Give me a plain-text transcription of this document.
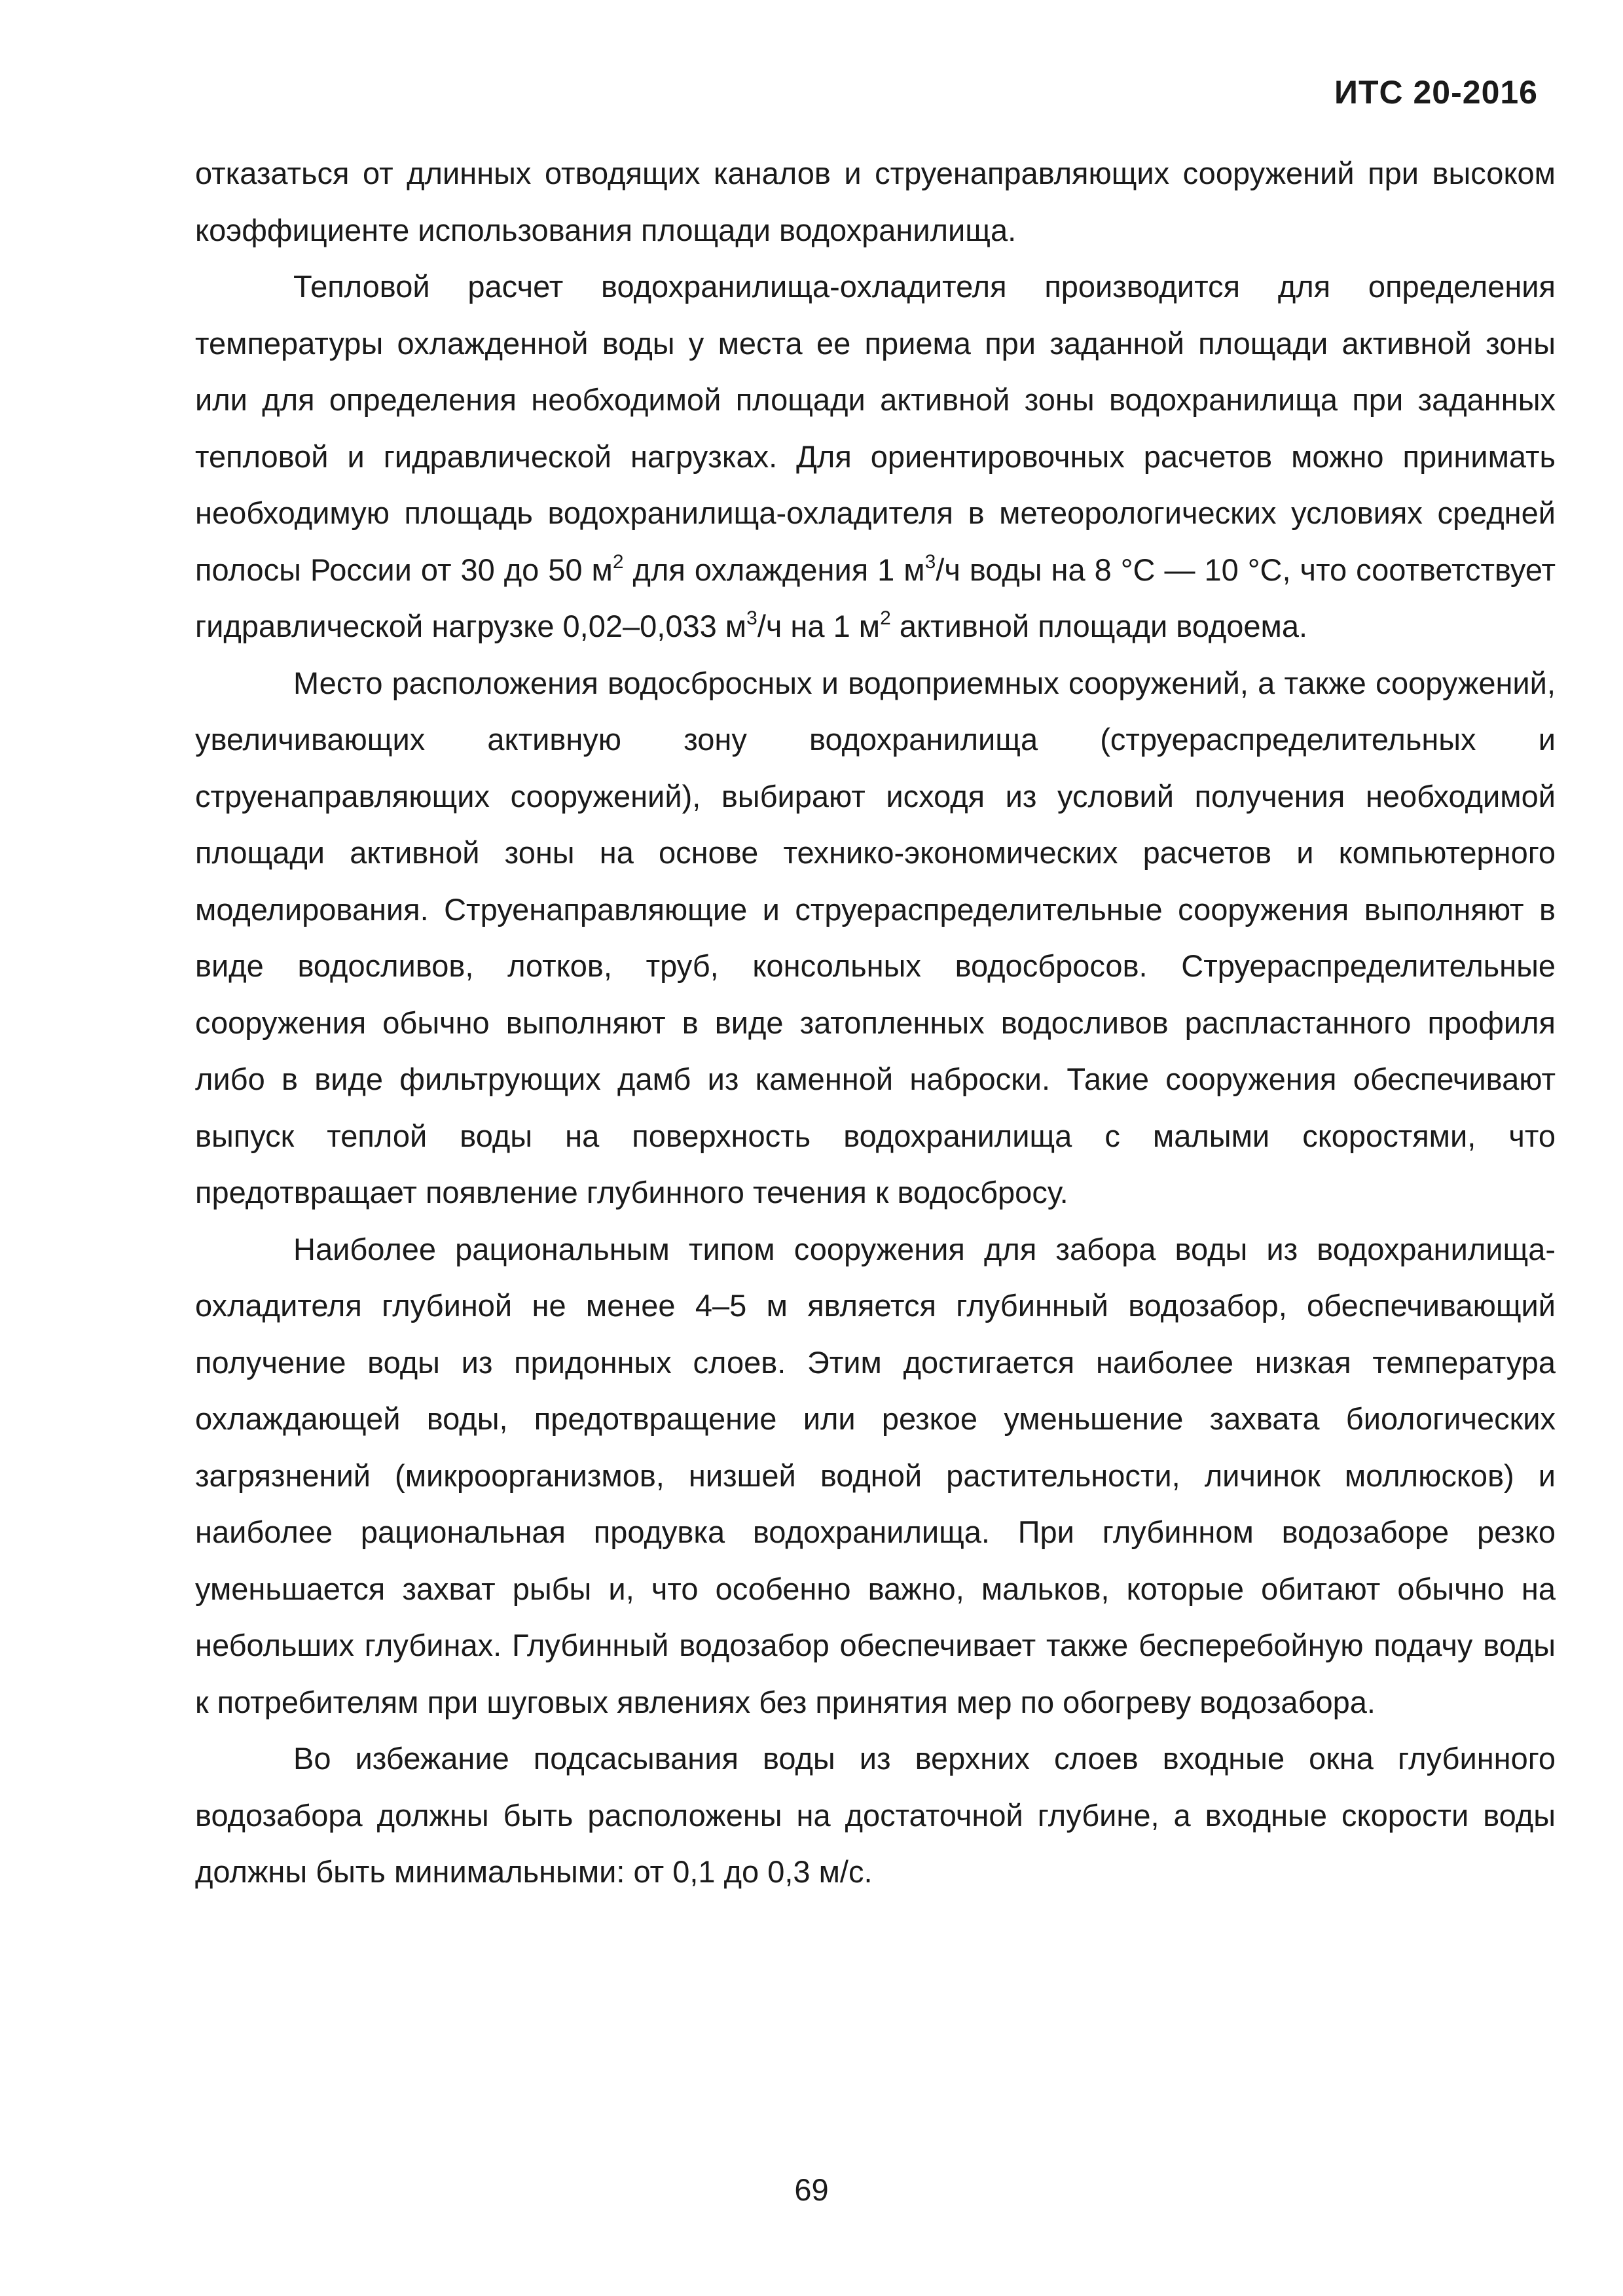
ИТС 20-2016

отказаться от длинных отводящих каналов и струенаправляющих сооружений при высоком коэффициенте использования площади водохранилища.

Тепловой расчет водохранилища-охладителя производится для определения температуры охлажденной воды у места ее приема при заданной площади активной зоны или для определения необходимой площади активной зоны водохранилища при заданных тепловой и гидравлической нагрузках. Для ориентировочных расчетов можно принимать необходимую площадь водохранилища-охладителя в метеорологических условиях средней полосы России от 30 до 50 $м^2$ для охлаждения 1 $м^3/ч$ воды на 8 °С — 10 °С, что соответствует гидравлической нагрузке 0,02–0,033 $м^3/ч$ на 1 $м^2$ активной площади водоема.

Место расположения водосбросных и водоприемных сооружений, а также сооружений, увеличивающих активную зону водохранилища (струераспределительных и струенаправляющих сооружений), выбирают исходя из условий получения необходимой площади активной зоны на основе технико-экономических расчетов и компьютерного моделирования. Струенаправляющие и струераспределительные сооружения выполняют в виде водосливов, лотков, труб, консольных водосбросов. Струераспределительные сооружения обычно выполняют в виде затопленных водосливов распластанного профиля либо в виде фильтрующих дамб из каменной наброски. Такие сооружения обеспечивают выпуск теплой воды на поверхность водохранилища с малыми скоростями, что предотвращает появление глубинного течения к водосбросу.

Наиболее рациональным типом сооружения для забора воды из водохранилища-охладителя глубиной не менее 4–5 м является глубинный водозабор, обеспечивающий получение воды из придонных слоев. Этим достигается наиболее низкая температура охлаждающей воды, предотвращение или резкое уменьшение захвата биологических загрязнений (микроорганизмов, низшей водной растительности, личинок моллюсков) и наиболее рациональная продувка водохранилища. При глубинном водозаборе резко уменьшается захват рыбы и, что особенно важно, мальков, которые обитают обычно на небольших глубинах. Глубинный водозабор обеспечивает также бесперебойную подачу воды к потребителям при шуговых явлениях без принятия мер по обогреву водозабора.

Во избежание подсасывания воды из верхних слоев входные окна глубинного водозабора должны быть расположены на достаточной глубине, а входные скорости воды должны быть минимальными: от 0,1 до 0,3 м/с.

69
